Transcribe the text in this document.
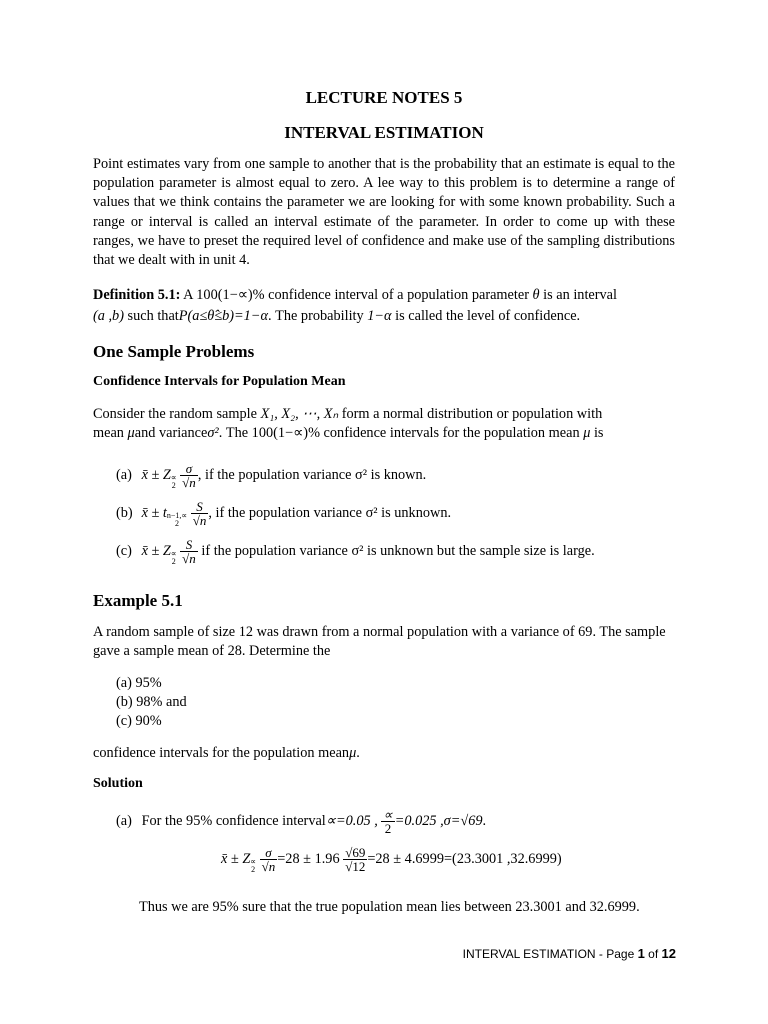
LECTURE NOTES 5
INTERVAL ESTIMATION
Point estimates vary from one sample to another that is the probability that an estimate is equal to the population parameter is almost equal to zero. A lee way to this problem is to determine a range of values that we think contains the parameter we are looking for with some known probability. Such a range or interval is called an interval estimate of the parameter. In order to come up with these ranges, we have to preset the required level of confidence and make use of the sampling distributions that we dealt with in unit 4.
Definition 5.1: A 100(1−∝)% confidence interval of a population parameter θ is an interval
(a ,b) such thatP(a≤θ̂≤b)=1−α. The probability 1−α is called the level of confidence.
One Sample Problems
Confidence Intervals for Population Mean
Consider the random sample X₁, X₂, ⋯, Xₙ form a normal distribution or population with
mean μand varianceσ². The 100(1−∝)% confidence intervals for the population mean μ is
(a) x̄ ± Z ∝
2
$\frac{\sigma}{√n}$ , if the population variance σ² is known.
(b) x̄ ± t n−1,∝
2
$\frac{S}{√n}$ , if the population variance σ² is unknown.
(c) x̄ ± Z ∝
2
$\frac{S}{√n}$ if the population variance σ² is unknown but the sample size is large.
Example 5.1
A random sample of size 12 was drawn from a normal population with a variance of 69. The sample gave a sample mean of 28. Determine the
(a) 95%
(b) 98% and
(c) 90%
confidence intervals for the population meanμ.
Solution
(a) For the 95% confidence interval∝=0.05 , $\frac{\propto}{2} =0.025$ ,σ=√69.
x̄ ± Z ∝
2
$\frac{\sigma}{√n} =28 \pm 1.96 \frac{√69}{√12} =28 \pm 4.6999=(23.3001$ ,32.6999)
Thus we are 95% sure that the true population mean lies between 23.3001 and 32.6999.
INTERVAL ESTIMATION - Page 1 of 12
